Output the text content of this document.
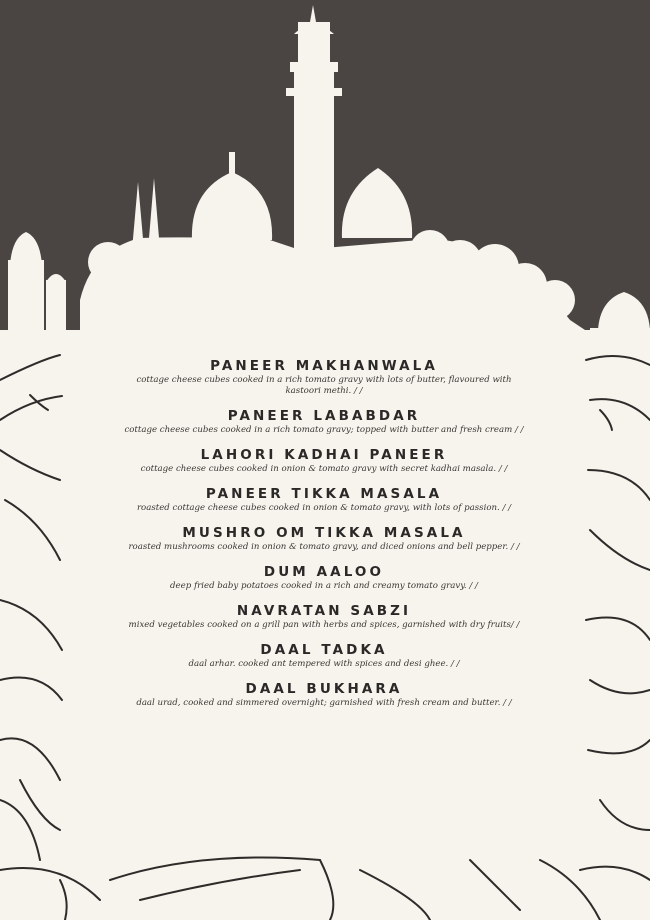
PANEER MAKHANWALA
cottage cheese cubes cooked in a rich tomato gravy with lots of butter, flavoured with kastoori methi. / /
PANEER LABABDAR
cottage cheese cubes cooked in a rich tomato gravy; topped with butter and fresh cream / /
LAHORI KADHAI PANEER
cottage cheese cubes cooked in onion & tomato gravy with secret kadhai masala. / /
PANEER TIKKA MASALA
roasted cottage cheese cubes cooked in onion & tomato gravy, with lots of passion. / /
MUSHRO OM TIKKA MASALA
roasted mushrooms cooked in onion & tomato gravy, and diced onions and bell pepper. / /
DUM AALOO
deep fried baby potatoes cooked in a rich and creamy tomato gravy. / /
NAVRATAN SABZI
mixed vegetables cooked on a grill pan with herbs and spices, garnished with dry fruits/ /
DAAL TADKA
daal arhar. cooked ant tempered with spices and desi ghee. / /
DAAL BUKHARA
daal urad, cooked and simmered overnight; garnished with fresh cream and butter. / /
